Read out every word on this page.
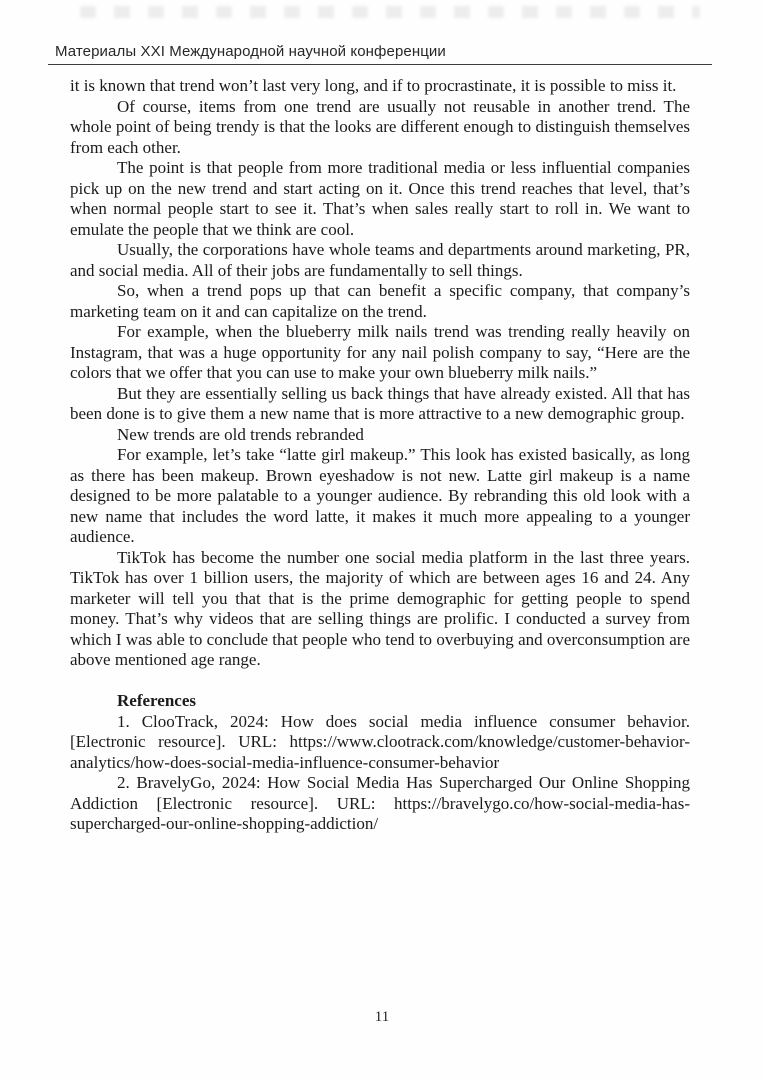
Материалы XXI Международной научной конференции

it is known that trend won’t last very long, and if to procrastinate, it is possible to miss it.

Of course, items from one trend are usually not reusable in another trend. The whole point of being trendy is that the looks are different enough to distinguish themselves from each other.

The point is that people from more traditional media or less influential companies pick up on the new trend and start acting on it. Once this trend reaches that level, that’s when normal people start to see it. That’s when sales really start to roll in. We want to emulate the people that we think are cool.

Usually, the corporations have whole teams and departments around marketing, PR, and social media. All of their jobs are fundamentally to sell things.

So, when a trend pops up that can benefit a specific company, that company’s marketing team on it and can capitalize on the trend.

For example, when the blueberry milk nails trend was trending really heavily on Instagram, that was a huge opportunity for any nail polish company to say, “Here are the colors that we offer that you can use to make your own blueberry milk nails.”

But they are essentially selling us back things that have already existed. All that has been done is to give them a new name that is more attractive to a new demographic group.

New trends are old trends rebranded

For example, let’s take “latte girl makeup.” This look has existed basically, as long as there has been makeup. Brown eyeshadow is not new. Latte girl makeup is a name designed to be more palatable to a younger audience. By rebranding this old look with a new name that includes the word latte, it makes it much more appealing to a younger audience.

TikTok has become the number one social media platform in the last three years. TikTok has over 1 billion users, the majority of which are between ages 16 and 24. Any marketer will tell you that that is the prime demographic for getting people to spend money. That’s why videos that are selling things are prolific. I conducted a survey from which I was able to conclude that people who tend to overbuying and overconsumption are above mentioned age range.

References

1. ClooTrack, 2024: How does social media influence consumer behavior. [Electronic resource]. URL: https://www.clootrack.com/knowledge/customer-behavior-analytics/how-does-social-media-influence-consumer-behavior

2. BravelyGo, 2024: How Social Media Has Supercharged Our Online Shopping Addiction [Electronic resource]. URL: https://bravelygo.co/how-social-media-has-supercharged-our-online-shopping-addiction/

11
